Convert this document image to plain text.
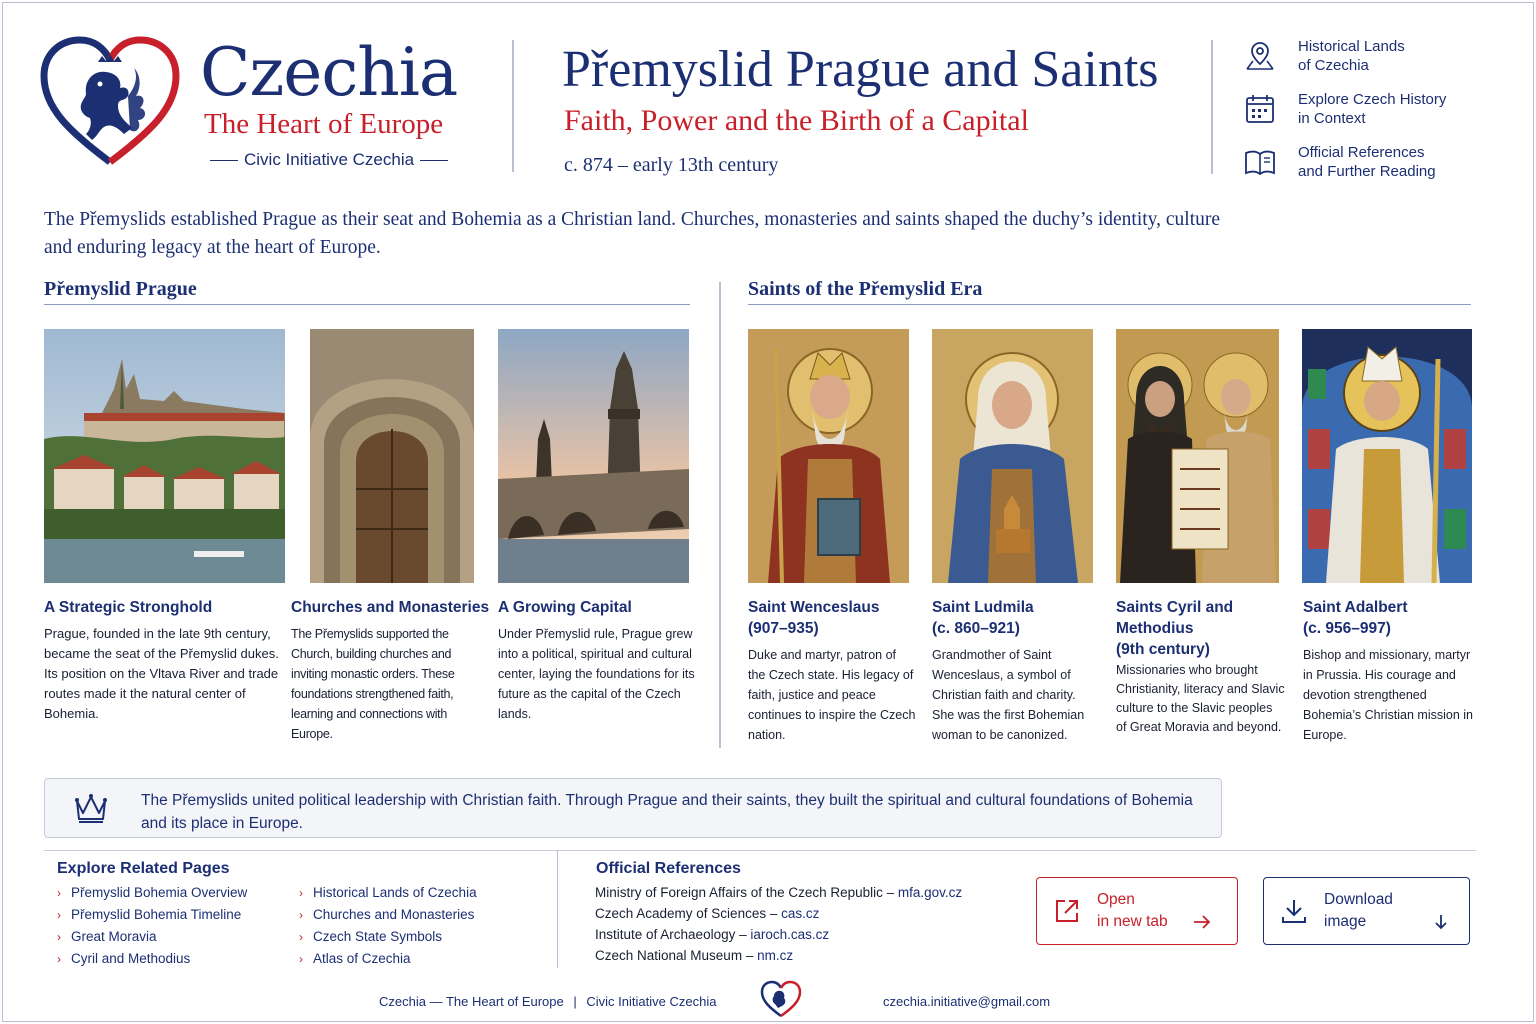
Czechia
The Heart of Europe
Civic Initiative Czechia
Přemyslid Prague and Saints
Faith, Power and the Birth of a Capital
c. 874 – early 13th century
Historical Lands
of Czechia
Explore Czech History
in Context
Official References
and Further Reading
The Přemyslids established Prague as their seat and Bohemia as a Christian land. Churches, monasteries and saints shaped the duchy’s identity, culture and enduring legacy at the heart of Europe.
Přemyslid Prague	Saints of the Přemyslid Era
A Strategic Stronghold
Prague, founded in the late 9th century, became the seat of the Přemyslid dukes. Its position on the Vltava River and trade routes made it the natural center of Bohemia.
Churches and Monasteries
The Přemyslids supported the Church, building churches and inviting monastic orders. These foundations strengthened faith, learning and connections with Europe.
A Growing Capital
Under Přemyslid rule, Prague grew into a political, spiritual and cultural center, laying the foundations for its future as the capital of the Czech lands.
Saint Wenceslaus
(907–935)
Duke and martyr, patron of the Czech state. His legacy of faith, justice and peace continues to inspire the Czech nation.
Saint Ludmila
(c. 860–921)
Grandmother of Saint Wenceslaus, a symbol of Christian faith and charity. She was the first Bohemian woman to be canonized.
Saints Cyril and
Methodius
(9th century)
Missionaries who brought Christianity, literacy and Slavic culture to the Slavic peoples of Great Moravia and beyond.
Saint Adalbert
(c. 956–997)
Bishop and missionary, martyr in Prussia. His courage and devotion strengthened Bohemia’s Christian mission in Europe.
The Přemyslids united political leadership with Christian faith. Through Prague and their saints, they built the spiritual and cultural foundations of Bohemia and its place in Europe.
Explore Related Pages
› Přemyslid Bohemia Overview
› Přemyslid Bohemia Timeline
› Great Moravia
› Cyril and Methodius
› Historical Lands of Czechia
› Churches and Monasteries
› Czech State Symbols
› Atlas of Czechia
Official References
Ministry of Foreign Affairs of the Czech Republic – mfa.gov.cz
Czech Academy of Sciences – cas.cz
Institute of Archaeology – iaroch.cas.cz
Czech National Museum – nm.cz
Open
in new tab
Download
image
Czechia — The Heart of Europe | Civic Initiative Czechia	czechia.initiative@gmail.com
